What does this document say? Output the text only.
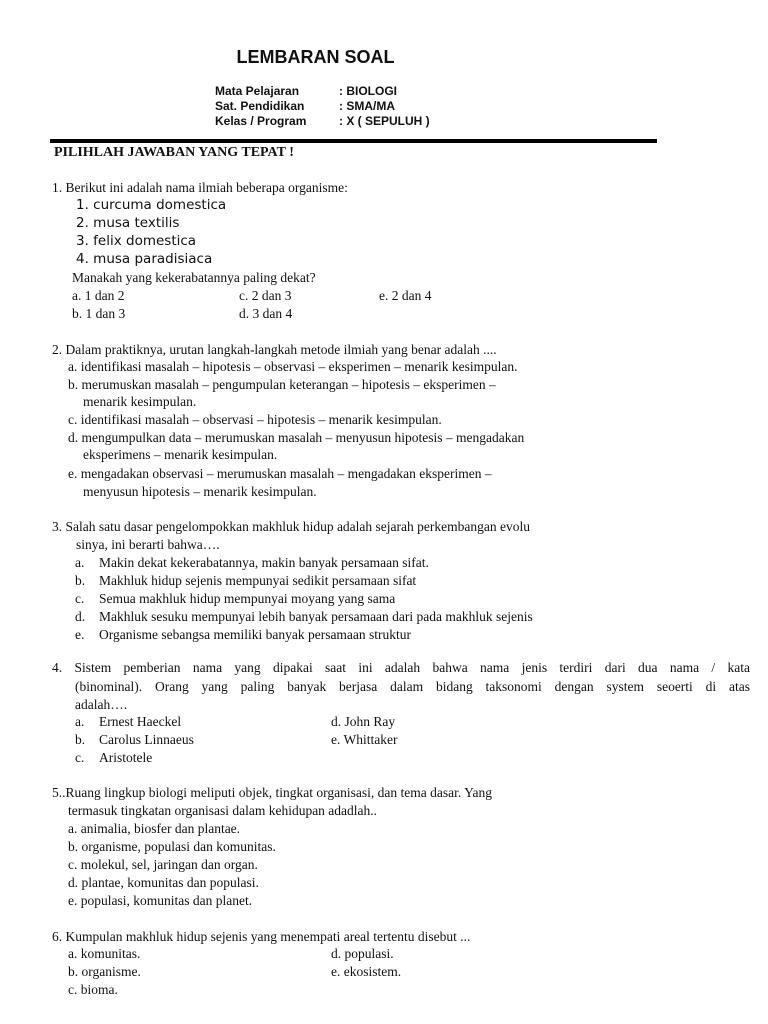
LEMBARAN SOAL
Mata Pelajaran	: BIOLOGI
Sat. Pendidikan	: SMA/MA
Kelas / Program	: X ( SEPULUH )
PILIHLAH JAWABAN YANG TEPAT !
1. Berikut ini adalah nama ilmiah beberapa organisme:
1. curcuma domestica
2. musa textilis
3. felix domestica
4. musa paradisiaca
Manakah yang kekerabatannya paling dekat?
a. 1 dan 2	c. 2 dan 3	e. 2 dan 4
b. 1 dan 3	d. 3 dan 4
2. Dalam praktiknya, urutan langkah-langkah metode ilmiah yang benar adalah ....
a. identifikasi masalah – hipotesis – observasi – eksperimen – menarik kesimpulan.
b. merumuskan masalah – pengumpulan keterangan – hipotesis – eksperimen –
menarik kesimpulan.
c. identifikasi masalah – observasi – hipotesis – menarik kesimpulan.
d. mengumpulkan data – merumuskan masalah – menyusun hipotesis – mengadakan
eksperimens – menarik kesimpulan.
e. mengadakan observasi – merumuskan masalah – mengadakan eksperimen –
menyusun hipotesis – menarik kesimpulan.
3. Salah satu dasar pengelompokkan makhluk hidup adalah sejarah perkembangan evolu
sinya, ini berarti bahwa….
a. Makin dekat kekerabatannya, makin banyak persamaan sifat.
b. Makhluk hidup sejenis mempunyai sedikit persamaan sifat
c. Semua makhluk hidup mempunyai moyang yang sama
d. Makhluk sesuku mempunyai lebih banyak persamaan dari pada makhluk sejenis
e. Organisme sebangsa memiliki banyak persamaan struktur
4. Sistem pemberian nama yang dipakai saat ini adalah bahwa nama jenis terdiri dari dua nama / kata
(binominal). Orang yang paling banyak berjasa dalam bidang taksonomi dengan system seoerti di atas
adalah….
a. Ernest Haeckel	d. John Ray
b. Carolus Linnaeus	e. Whittaker
c. Aristotele
5..Ruang lingkup biologi meliputi objek, tingkat organisasi, dan tema dasar. Yang
termasuk tingkatan organisasi dalam kehidupan adadlah..
a. animalia, biosfer dan plantae.
b. organisme, populasi dan komunitas.
c. molekul, sel, jaringan dan organ.
d. plantae, komunitas dan populasi.
e. populasi, komunitas dan planet.
6. Kumpulan makhluk hidup sejenis yang menempati areal tertentu disebut ...
a. komunitas.	d. populasi.
b. organisme.	e. ekosistem.
c. bioma.
